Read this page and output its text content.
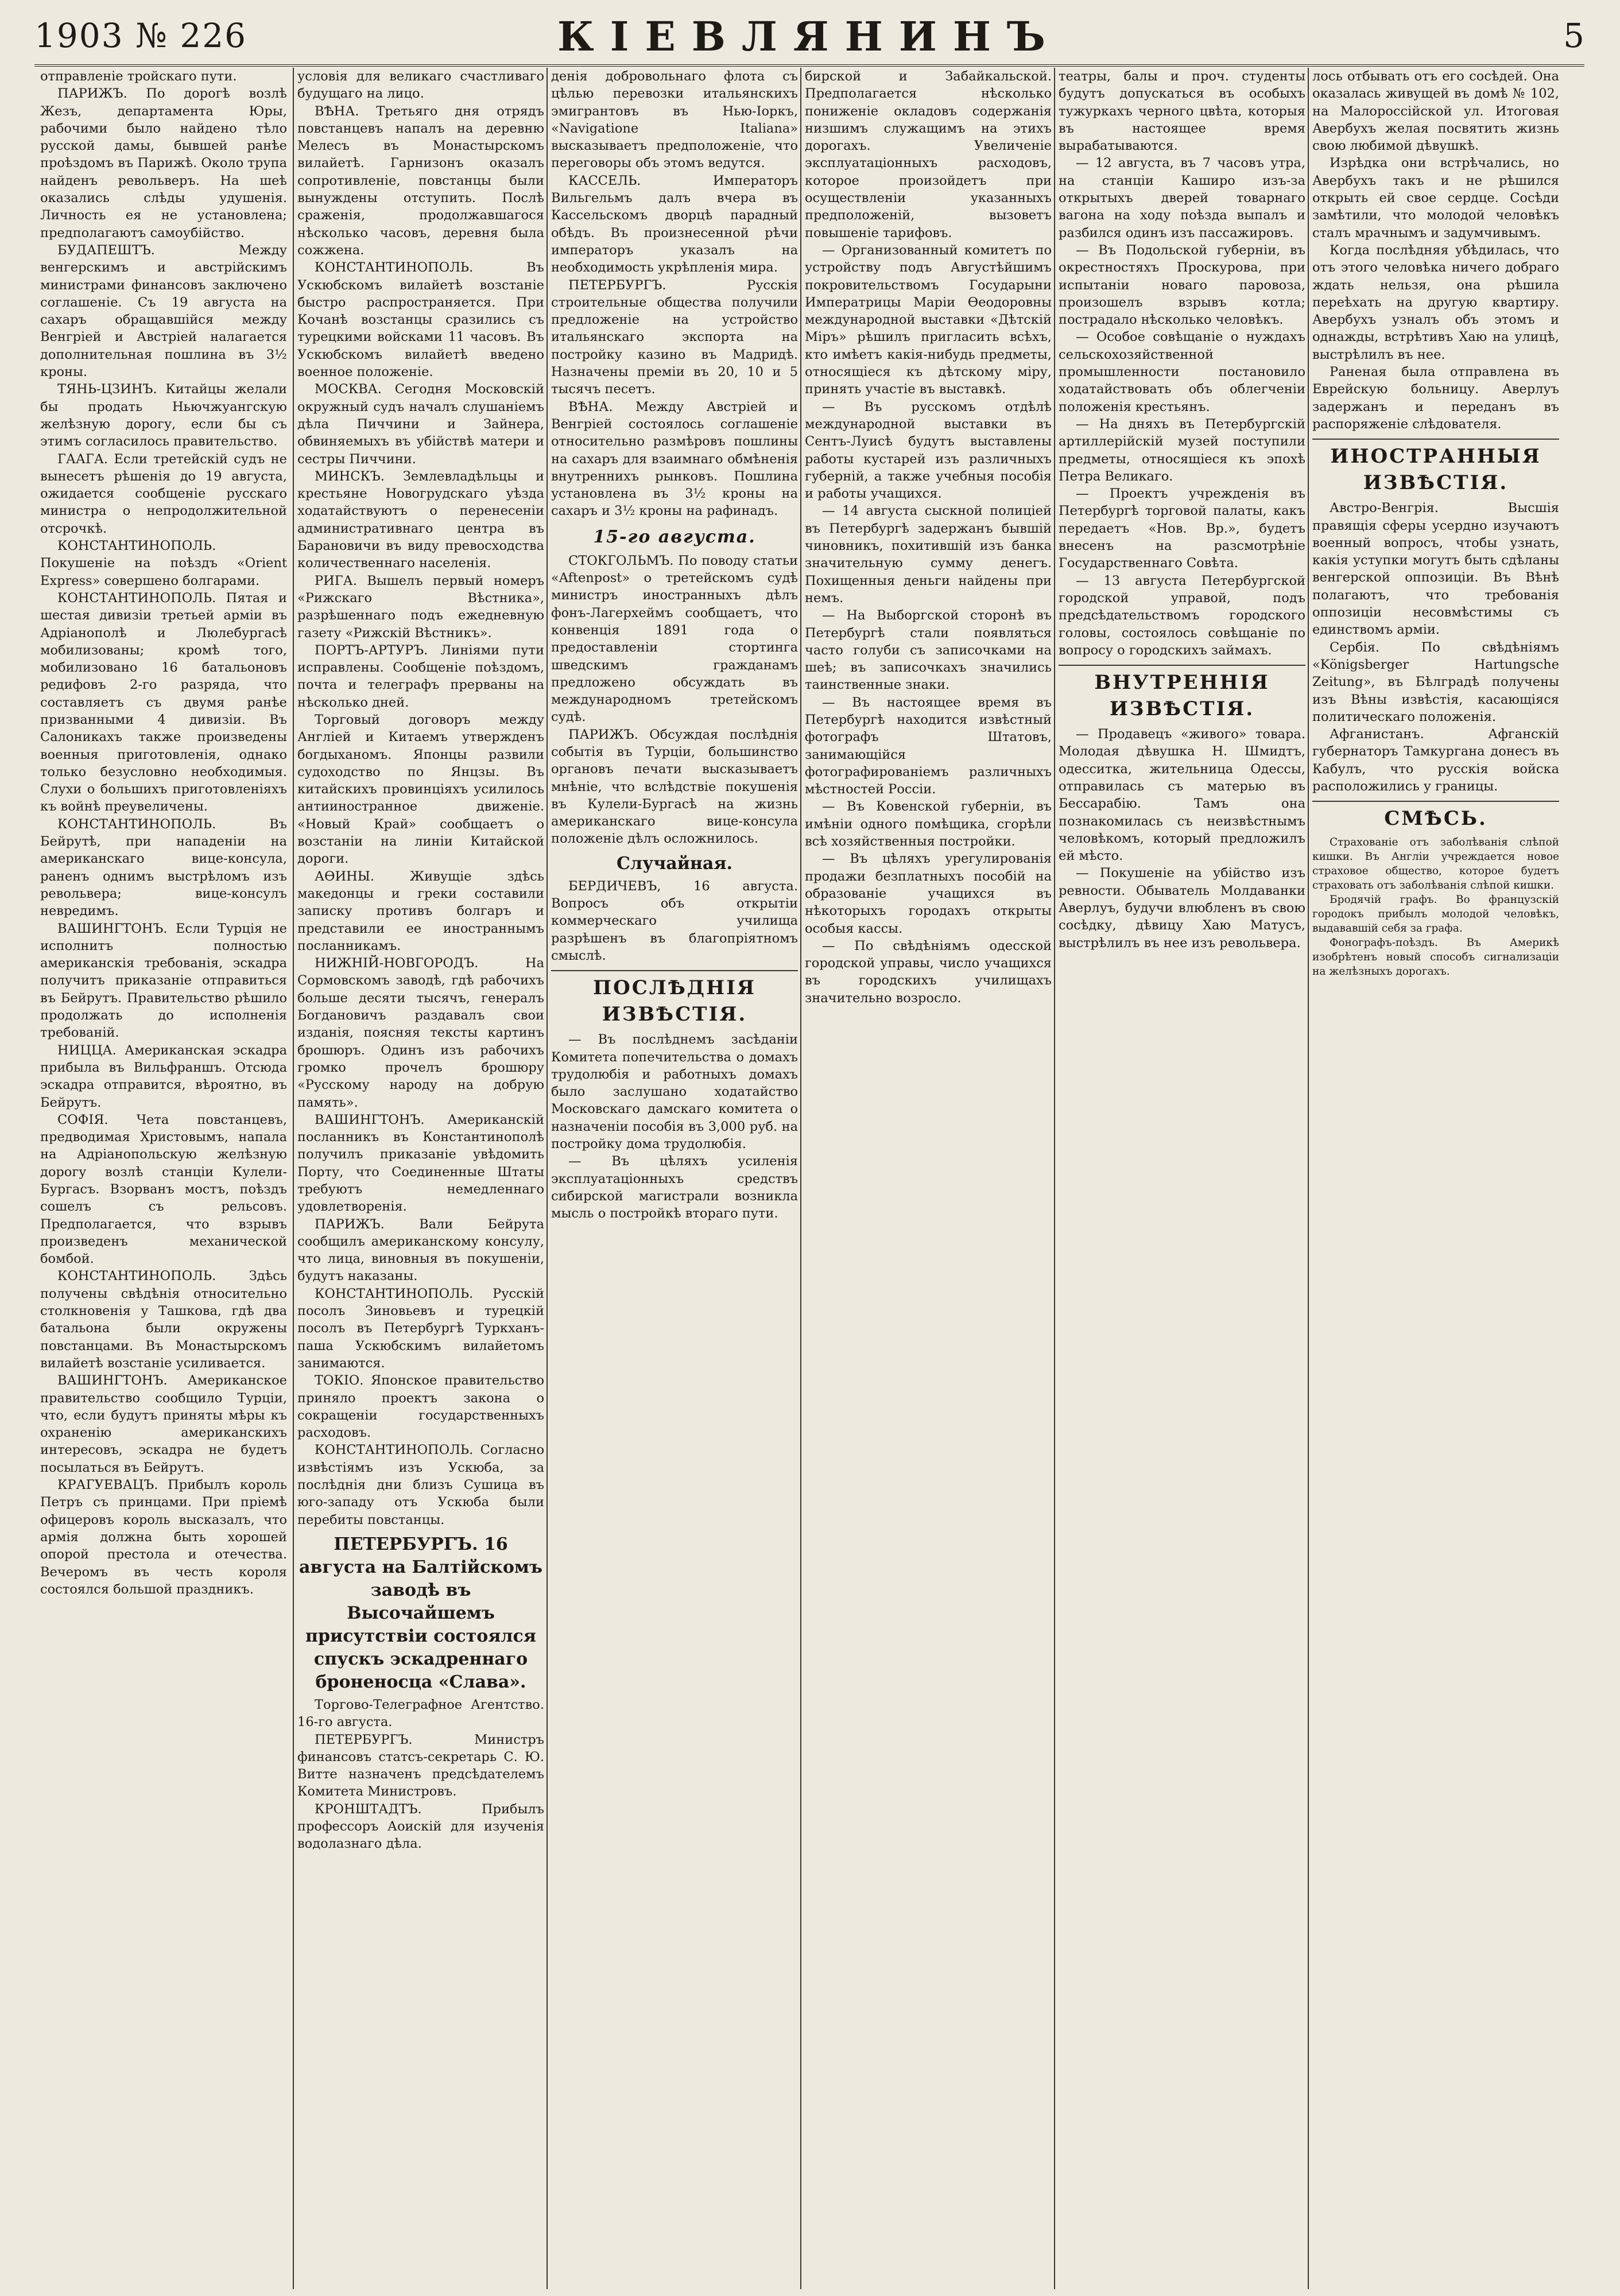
1903 № 226	КІЕВЛЯНИНЪ	5

отправленіе тройскаго пути.

ПАРИЖЪ. По дорогѣ возлѣ Жезъ, департамента Юры, рабочими было найдено тѣло русской дамы, бывшей ранѣе проѣздомъ въ Парижѣ. Около трупа найденъ револьверъ. На шеѣ оказались слѣды удушенія. Личность ея не установлена; предполагаютъ самоубійство.

БУДАПЕШТЪ. Между венгерскимъ и австрійскимъ министрами финансовъ заключено соглашеніе. Съ 19 августа на сахаръ обращавшійся между Венгріей и Австріей налагается дополнительная пошлина въ 3½ кроны.

ТЯНЬ-ЦЗИНЪ. Китайцы желали бы продать Ньючжуангскую желѣзную дорогу, если бы съ этимъ согласилось правительство.

ГААГА. Если третейскій судъ не вынесетъ рѣшенія до 19 августа, ожидается сообщеніе русскаго министра о непродолжительной отсрочкѣ.

КОНСТАНТИНОПОЛЬ. Покушеніе на поѣздъ «Orient Express» совершено болгарами.

КОНСТАНТИНОПОЛЬ. Пятая и шестая дивизіи третьей арміи въ Адріанополѣ и Люлебургасѣ мобилизованы; кромѣ того, мобилизовано 16 батальоновъ редифовъ 2-го разряда, что составляетъ съ двумя ранѣе призванными 4 дивизіи. Въ Салоникахъ также произведены военныя приготовленія, однако только безусловно необходимыя. Слухи о большихъ приготовленіяхъ къ войнѣ преувеличены.

КОНСТАНТИНОПОЛЬ. Въ Бейрутѣ, при нападеніи на американскаго вице-консула, раненъ однимъ выстрѣломъ изъ револьвера; вице-консулъ невредимъ.

ВАШИНГТОНЪ. Если Турція не исполнитъ полностью американскія требованія, эскадра получитъ приказаніе отправиться въ Бейрутъ. Правительство рѣшило продолжать до исполненія требованій.

НИЦЦА. Американская эскадра прибыла въ Вильфраншъ. Отсюда эскадра отправится, вѣроятно, въ Бейрутъ.

СОФІЯ. Чета повстанцевъ, предводимая Христовымъ, напала на Адріанопольскую желѣзную дорогу возлѣ станціи Кулели-Бургасъ. Взорванъ мостъ, поѣздъ сошелъ съ рельсовъ. Предполагается, что взрывъ произведенъ механической бомбой.

КОНСТАНТИНОПОЛЬ. Здѣсь получены свѣдѣнія относительно столкновенія у Ташкова, гдѣ два батальона были окружены повстанцами. Въ Монастырскомъ вилайетѣ возстаніе усиливается.

ВАШИНГТОНЪ. Американское правительство сообщило Турціи, что, если будутъ приняты мѣры къ охраненію американскихъ интересовъ, эскадра не будетъ посылаться въ Бейрутъ.

КРАГУЕВАЦЪ. Прибылъ король Петръ съ принцами. При пріемѣ офицеровъ король высказалъ, что армія должна быть хорошей опорой престола и отечества. Вечеромъ въ честь короля состоялся большой праздникъ.

условія для великаго счастливаго будущаго на лицо.

ВѢНА. Третьяго дня отрядъ повстанцевъ напалъ на деревню Мелесъ въ Монастырскомъ вилайетѣ. Гарнизонъ оказалъ сопротивленіе, повстанцы были вынуждены отступить. Послѣ сраженія, продолжавшагося нѣсколько часовъ, деревня была сожжена.

КОНСТАНТИНОПОЛЬ. Въ Ускюбскомъ вилайетѣ возстаніе быстро распространяется. При Кочанѣ возстанцы сразились съ турецкими войсками 11 часовъ. Въ Ускюбскомъ вилайетѣ введено военное положеніе.

МОСКВА. Сегодня Московскій окружный судъ началъ слушаніемъ дѣла Пиччини и Зайнера, обвиняемыхъ въ убійствѣ матери и сестры Пиччини.

МИНСКЪ. Землевладѣльцы и крестьяне Новогрудскаго уѣзда ходатайствуютъ о перенесеніи административнаго центра въ Барановичи въ виду превосходства количественнаго населенія.

РИГА. Вышелъ первый номеръ «Рижскаго Вѣстника», разрѣшеннаго подъ ежедневную газету «Рижскій Вѣстникъ».

ПОРТЪ-АРТУРЪ. Линіями пути исправлены. Сообщеніе поѣздомъ, почта и телеграфъ прерваны на нѣсколько дней.

Торговый договоръ между Англіей и Китаемъ утвержденъ богдыханомъ. Японцы развили судоходство по Янцзы. Въ китайскихъ провинціяхъ усилилось антииностранное движеніе. «Новый Край» сообщаетъ о возстаніи на линіи Китайской дороги.

АѲИНЫ. Живущіе здѣсь македонцы и греки составили записку противъ болгаръ и представили ее иностраннымъ посланникамъ.

НИЖНІЙ-НОВГОРОДЪ. На Сормовскомъ заводѣ, гдѣ рабочихъ больше десяти тысячъ, генералъ Богдановичъ раздавалъ свои изданія, поясняя тексты картинъ брошюръ. Одинъ изъ рабочихъ громко прочелъ брошюру «Русскому народу на добрую память».

ВАШИНГТОНЪ. Американскій посланникъ въ Константинополѣ получилъ приказаніе увѣдомить Порту, что Соединенные Штаты требуютъ немедленнаго удовлетворенія.

ПАРИЖЪ. Вали Бейрута сообщилъ американскому консулу, что лица, виновныя въ покушеніи, будутъ наказаны.

КОНСТАНТИНОПОЛЬ. Русскій посолъ Зиновьевъ и турецкій посолъ въ Петербургѣ Туркханъ-паша Ускюбскимъ вилайетомъ занимаются.

ТОКІО. Японское правительство приняло проектъ закона о сокращеніи государственныхъ расходовъ.

КОНСТАНТИНОПОЛЬ. Согласно извѣстіямъ изъ Ускюба, за послѣднія дни близъ Сушица въ юго-западу отъ Ускюба были перебиты повстанцы.

ПЕТЕРБУРГЪ. 16 августа на Балтійскомъ заводѣ въ Высочайшемъ присутствіи состоялся спускъ эскадреннаго броненосца «Слава».

Торгово-Телеграфное Агентство. 16-го августа.

ПЕТЕРБУРГЪ. Министръ финансовъ статсъ-секретарь С. Ю. Витте назначенъ предсѣдателемъ Комитета Министровъ.

КРОНШТАДТЪ. Прибылъ профессоръ Аоискій для изученія водолазнаго дѣла.

денія добровольнаго флота съ цѣлью перевозки итальянскихъ эмигрантовъ въ Нью-Іоркъ, «Navigatione Italiana» высказываетъ предположеніе, что переговоры объ этомъ ведутся.

КАССЕЛЬ. Императоръ Вильгельмъ далъ вчера въ Кассельскомъ дворцѣ парадный обѣдъ. Въ произнесенной рѣчи императоръ указалъ на необходимость укрѣпленія мира.

ПЕТЕРБУРГЪ. Русскія строительные общества получили предложеніе на устройство итальянскаго экспорта на постройку казино въ Мадридѣ. Назначены преміи въ 20, 10 и 5 тысячъ песетъ.

ВѢНА. Между Австріей и Венгріей состоялось соглашеніе относительно размѣровъ пошлины на сахаръ для взаимнаго обмѣненія внутреннихъ рынковъ. Пошлина установлена въ 3½ кроны на сахаръ и 3½ кроны на рафинадъ.

15-го августа.

СТОКГОЛЬМЪ. По поводу статьи «Aftenpost» о третейскомъ судѣ министръ иностранныхъ дѣлъ фонъ-Лагерхеймъ сообщаетъ, что конвенція 1891 года о предоставленіи стортинга шведскимъ гражданамъ предложено обсуждать въ международномъ третейскомъ судѣ.

ПАРИЖЪ. Обсуждая послѣднія событія въ Турціи, большинство органовъ печати высказываетъ мнѣніе, что вслѣдствіе покушенія въ Кулели-Бургасѣ на жизнь американскаго вице-консула положеніе дѣлъ осложнилось.

Случайная.

БЕРДИЧЕВЪ, 16 августа. Вопросъ объ открытіи коммерческаго училища разрѣшенъ въ благопріятномъ смыслѣ.

ПОСЛѢДНІЯ ИЗВѢСТІЯ.

— Въ послѣднемъ засѣданіи Комитета попечительства о домахъ трудолюбія и работныхъ домахъ было заслушано ходатайство Московскаго дамскаго комитета о назначеніи пособія въ 3,000 руб. на постройку дома трудолюбія.

— Въ цѣляхъ усиленія эксплуатаціонныхъ средствъ сибирской магистрали возникла мысль о постройкѣ втораго пути.

бирской и Забайкальской. Предполагается нѣсколько пониженіе окладовъ содержанія низшимъ служащимъ на этихъ дорогахъ. Увеличеніе эксплуатаціонныхъ расходовъ, которое произойдетъ при осуществленіи указанныхъ предположеній, вызоветъ повышеніе тарифовъ.

— Организованный комитетъ по устройству подъ Августѣйшимъ покровительствомъ Государыни Императрицы Маріи Ѳеодоровны международной выставки «Дѣтскій Міръ» рѣшилъ пригласить всѣхъ, кто имѣетъ какія-нибудь предметы, относящіеся къ дѣтскому міру, принять участіе въ выставкѣ.

— Въ русскомъ отдѣлѣ международной выставки въ Сентъ-Луисѣ будутъ выставлены работы кустарей изъ различныхъ губерній, а также учебныя пособія и работы учащихся.

— 14 августа сыскной полиціей въ Петербургѣ задержанъ бывшій чиновникъ, похитившій изъ банка значительную сумму денегъ. Похищенныя деньги найдены при немъ.

— На Выборгской сторонѣ въ Петербургѣ стали появляться часто голуби съ записочками на шеѣ; въ записочкахъ значились таинственные знаки.

— Въ настоящее время въ Петербургѣ находится извѣстный фотографъ Штатовъ, занимающійся фотографированіемъ различныхъ мѣстностей Россіи.

— Въ Ковенской губерніи, въ имѣніи одного помѣщика, сгорѣли всѣ хозяйственныя постройки.

— Въ цѣляхъ урегулированія продажи безплатныхъ пособій на образованіе учащихся въ нѣкоторыхъ городахъ открыты особыя кассы.

— По свѣдѣніямъ одесской городской управы, число учащихся въ городскихъ училищахъ значительно возросло.

театры, балы и проч. студенты будутъ допускаться въ особыхъ тужуркахъ черного цвѣта, которыя въ настоящее время вырабатываются.

— 12 августа, въ 7 часовъ утра, на станціи Каширо изъ-за открытыхъ дверей товарнаго вагона на ходу поѣзда выпалъ и разбился одинъ изъ пассажировъ.

— Въ Подольской губерніи, въ окрестностяхъ Проскурова, при испытаніи новаго паровоза, произошелъ взрывъ котла; пострадало нѣсколько человѣкъ.

— Особое совѣщаніе о нуждахъ сельскохозяйственной промышленности постановило ходатайствовать объ облегченіи положенія крестьянъ.

— На дняхъ въ Петербургскій артиллерійскій музей поступили предметы, относящіеся къ эпохѣ Петра Великаго.

— Проектъ учрежденія въ Петербургѣ торговой палаты, какъ передаетъ «Нов. Вр.», будетъ внесенъ на разсмотрѣніе Государственнаго Совѣта.

— 13 августа Петербургской городской управой, подъ предсѣдательствомъ городского головы, состоялось совѣщаніе по вопросу о городскихъ займахъ.

ВНУТРЕННІЯ ИЗВѢСТІЯ.

— Продавецъ «живого» товара. Молодая дѣвушка Н. Шмидтъ, одесситка, жительница Одессы, отправилась съ матерью въ Бессарабію. Тамъ она познакомилась съ неизвѣстнымъ человѣкомъ, который предложилъ ей мѣсто.

— Покушеніе на убійство изъ ревности. Обыватель Молдаванки Аверлуъ, будучи влюбленъ въ свою сосѣдку, дѣвицу Хаю Матусъ, выстрѣлилъ въ нее изъ револьвера.

лось отбывать отъ его сосѣдей. Она оказалась живущей въ домѣ № 102, на Малороссійской ул. Итоговая Авербухъ желая посвятить жизнь свою любимой дѣвушкѣ.

Изрѣдка они встрѣчались, но Авербухъ такъ и не рѣшился открыть ей свое сердце. Сосѣди замѣтили, что молодой человѣкъ сталъ мрачнымъ и задумчивымъ.

Когда послѣдняя убѣдилась, что отъ этого человѣка ничего добраго ждать нельзя, она рѣшила переѣхать на другую квартиру. Авербухъ узналъ объ этомъ и однажды, встрѣтивъ Хаю на улицѣ, выстрѣлилъ въ нее.

Раненая была отправлена въ Еврейскую больницу. Аверлуъ задержанъ и переданъ въ распоряженіе слѣдователя.

ИНОСТРАННЫЯ ИЗВѢСТІЯ.

Австро-Венгрія. Высшія правящія сферы усердно изучаютъ военный вопросъ, чтобы узнать, какія уступки могутъ быть сдѣланы венгерской оппозиціи. Въ Вѣнѣ полагаютъ, что требованія оппозиціи несовмѣстимы съ единствомъ арміи.

Сербія. По свѣдѣніямъ «Königsberger Hartungsche Zeitung», въ Бѣлградѣ получены изъ Вѣны извѣстія, касающіяся политическаго положенія.

Афганистанъ. Афганскій губернаторъ Тамкургана донесъ въ Кабулъ, что русскія войска расположились у границы.

СМѢСЬ.

Страхованіе отъ заболѣванія слѣпой кишки. Въ Англіи учреждается новое страховое общество, которое будетъ страховать отъ заболѣванія слѣпой кишки.

Бродячій графъ. Во французскій городокъ прибылъ молодой человѣкъ, выдававшій себя за графа.

Фонографъ-поѣздъ. Въ Америкѣ изобрѣтенъ новый способъ сигнализаціи на желѣзныхъ дорогахъ.
